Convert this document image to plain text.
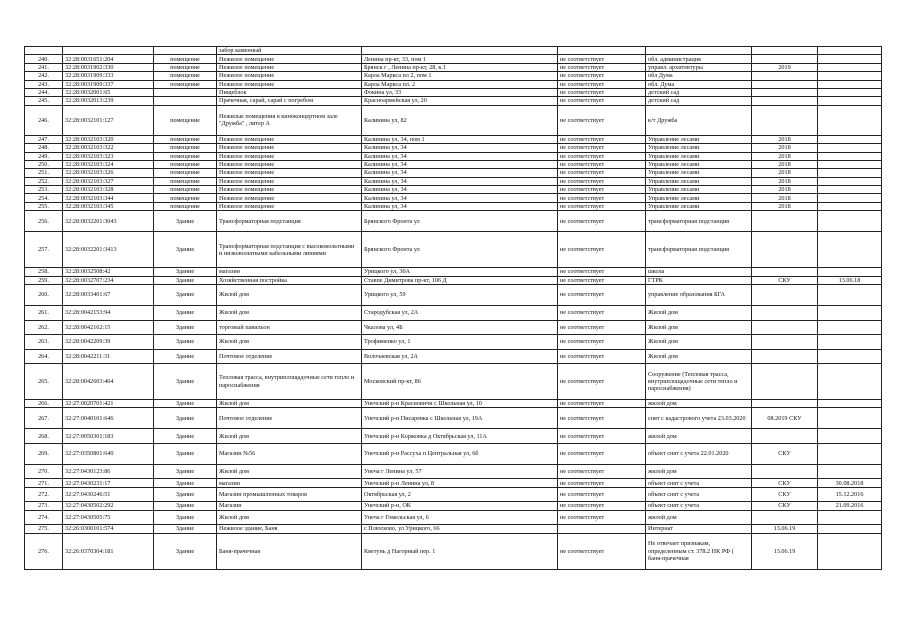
			забор каменный					
240.	32:28:0031651:204	помещение	Нежилое помещение	Ленина пр-кт, 33, пом 1	не соответствует	обл. администрация		
241.	32:28:0031902:330	помещение	Нежилое помещение	Брянск г , Ленина пр-кт, 28, к.1	не соответствует	управл. архитектуры	2019	
242.	32:28:0031909:333	помещение	Нежилое помещение	Карла Маркса пл 2, пом 1	не соответствует	обл Дума		
243.	32:28:0031909:337	помещение	Нежилое помещение	Карла Маркса пл. 2	не соответствует	обл. Дума		
244.	32:28:0032001:65		Пищеблок	Фокина ул, 33	не соответствует	детский сад		
245.	32:28:0032013:239		Прачечная, сарай, сарай с погребом	Красноармейская ул, 20	не соответствует	детский сад		
246.	32:28:0032101:127	помещение	Нежилые помещения в киноконцертном зале "Дружба" , литер А	Калинина ул, 82	не соответствует	к/т Дружба		
247.	32:28:0032103:320	помещение	Нежилое помещение	Калинина ул, 34, пом 1	не соответствует	Управление лесами	2018	
248.	32:28:0032103:322	помещение	Нежилое помещение	Калинина ул, 34	не соответствует	Управление лесами	2018	
249.	32:28:0032103:323	помещение	Нежилое помещение	Калинина ул, 34	не соответствует	Управление лесами	2018	
250.	32:28:0032103:324	помещение	Нежилое помещение	Калинина ул, 34	не соответствует	Управление лесами	2018	
251.	32:28:0032103:326	помещение	Нежилое помещение	Калинина ул, 34	не соответствует	Управление лесами	2018	
252.	32:28:0032103:327	помещение	Нежилое помещение	Калинина ул, 34	не соответствует	Управление лесами	2018	
253.	32:28:0032103:328	помещение	Нежилое помещение	Калинина ул, 34	не соответствует	Управление лесами	2018	
254.	32:28:0032103:344	помещение	Нежилое помещение	Калинина ул, 34	не соответствует	Управление лесами	2018	
255.	32:28:0032103:345	помещение	Нежилое помещение	Калинина ул, 34	не соответствует	Управление лесами	2018	
256.	32:28:0032201:3043	Здание	Трансформаторная подстанция	Брянского Фронта ул	не соответствует	трансформаторная подстанция		
257.	32:28:0032201:3413	Здание	Трансформаторная подстанция с высоковольтными и низковольтными кабельными линиями	Брянского Фронта ул	не соответствует	трансформаторная подстанция		
258.	32:28:0032508:42	Здание	магазин	Урицкого ул, 30А	не соответствует	школа		
259.	32:28:0032707:234	Здание	Хозяйственная постройка	Ставпе Димитрова пр-кт, 106 Д	не соответствует	ГТРК	СКУ	13.06.18
260.	32:28:0033401:67	Здание	Жилой дом	Урицкого ул, 59	не соответствует	управление образования БГА		
261.	32:28:0042153:94	Здание	Жилой дом	Стародубская ул, 2А	не соответствует	Жилой дом		
262.	32:28:0042162:15	Здание	торговый павильон	Чкалова ул, 4Б	не соответствует	Жилой дом		
263.	32:28:0042209:39	Здание	Жилой дом	Трофименко ул, 1	не соответствует	Жилой дом		
264.	32:28:0042211:31	Здание	Почтовое отделение	Волочаевская ул, 2А	не соответствует	Жилой дом		
265.	32:28:0042603:464	Здание	Тепловая трасса, внутриплощадочные сети тепло и пароснабжения	Московский пр-кт, 86	не соответствует	Сооружение (Тепловая трасса, внутриплощадочные сети тепло и пароснабжения)		
266.	32:27:0020701:421	Здание	Жилой дом	Унечский р-н Красновичи с Школьная ул, 10	не соответствует	жилой дом		
267.	32:27:0040101:646	Здание	Почтовое отделение	Унечский р-н Писаревка с Школьная ул, 19А	не соответствует	снят с кадастрового учета 23.03.2020	08.2019 СКУ	
268.	32:27:0050301:183	Здание	Жилой дом	Унечский р-н Коржовка д Октябрьская ул, 11А	не соответствует	жилой дом		
269.	32:27:0350801:640	Здание	Магазин №56	Унечский р-н Рассуха п Центральная ул, 6б	не соответствует	объект снят с учета 22.01.2020	СКУ	
270.	32:27:0430123:86	Здание	Жилой дом	Унеча г Ленина ул, 57	не соответствует	жилой дом		
271.	32:27:0430231:17	Здание	магазин	Унечский р-н Ленина ул, 8	не соответствует	объект снят с учета	СКУ	30.08.2018
272.	32:27:0430246:51	Здание	Магазин промышленных товаров	Октябрьская ул, 2	не соответствует	объект снят с учета	СКУ	15.12.2016
273.	32:27:0430502:292	Здание	Магазин	Унечский р-н, ОК	не соответствует	объект снят с учета	СКУ	21.09.2016
274.	32:27:0430505:75	Здание	Жилой дом	Унеча г Гомельская ул, 6	не соответствует	жилой дом		
275.	32:26:0300101:574	Здание	Нежилое здание, Баня	с Плюсково, ул Урицкого, 66		Интернат	13.06.19	
276.	32:26:0370304:181	Здание	Баня-прачечная	Кветунь д Нагорный пер. 1	не соответствует	Не отвечает признакам, определенным ст. 378.2 НК РФ ( баня-прачечная	13.06.19	
